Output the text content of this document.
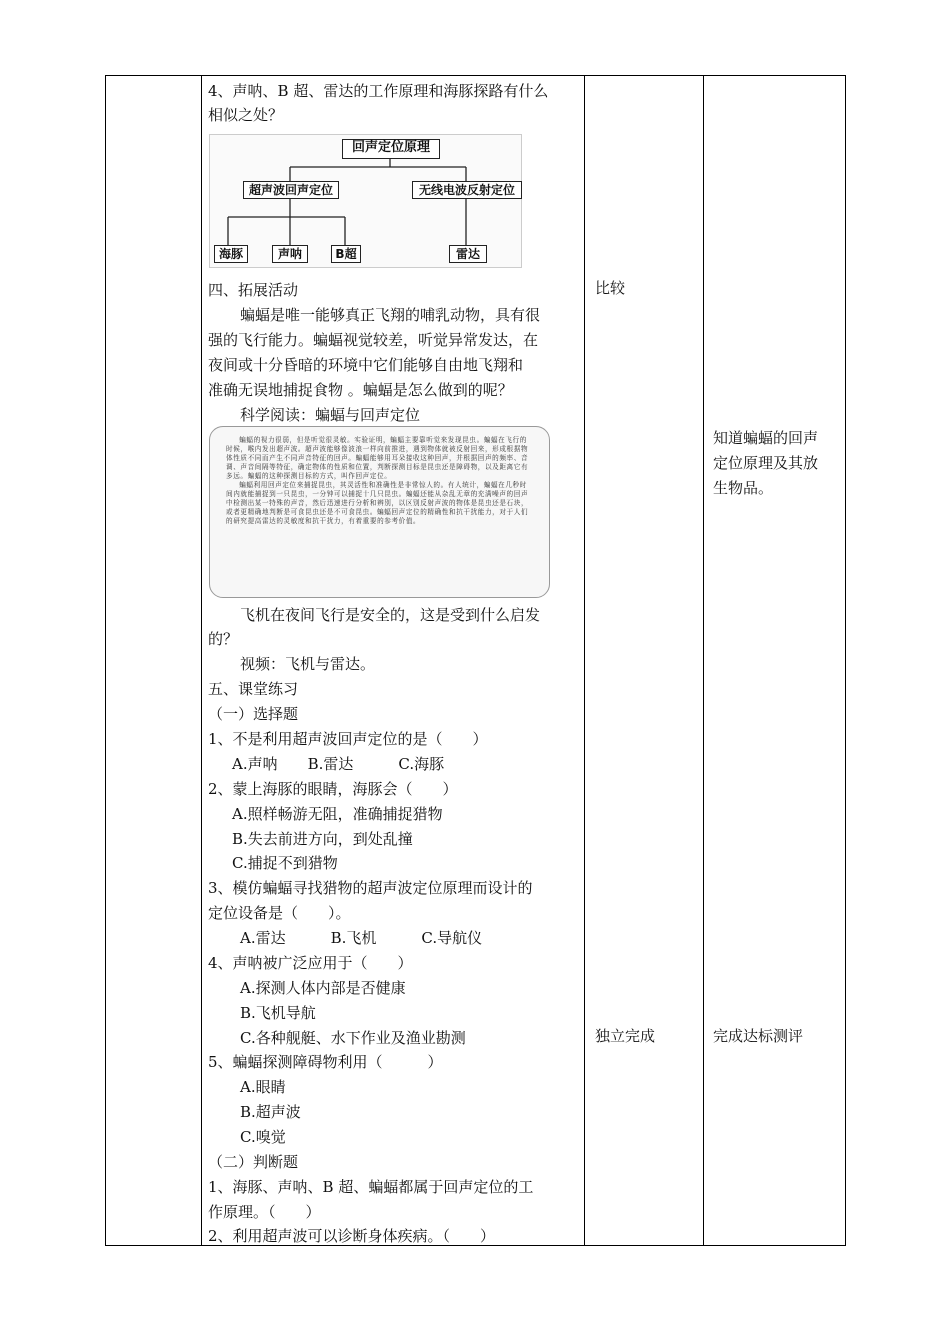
4、声呐、B 超、雷达的工作原理和海豚探路有什么
相似之处？
回声定位原理
超声波回声定位	无线电波反射定位
海豚	声呐	B超	雷达
四、拓展活动
蝙蝠是唯一能够真正飞翔的哺乳动物，具有很
强的飞行能力。蝙蝠视觉较差，听觉异常发达，在
夜间或十分昏暗的环境中它们能够自由地飞翔和
准确无误地捕捉食物 。蝙蝠是怎么做到的呢？
科学阅读：蝙蝠与回声定位

蝙蝠的视力很弱，但是听觉很灵敏。实验证明，蝙蝠主要靠听觉来发现昆虫。蝙蝠在飞行的时候，喉内发出超声波。超声波能够像波浪一样向前推进，遇到物体就被反射回来，形成根据物体性质不同而产生不同声音特征的回声。蝙蝠能够用耳朵接收这种回声，并根据回声的频率、音调、声音间隔等特征，确定物体的性质和位置，判断探测目标是昆虫还是障碍物，以及距离它有多远。蝙蝠的这种探测目标的方式，叫作回声定位。

蝙蝠利用回声定位来捕捉昆虫，其灵活性和准确性是非常惊人的。有人统计，蝙蝠在几秒时间内就能捕捉到一只昆虫，一分钟可以捕捉十几只昆虫。蝙蝠还能从杂乱无章的充满噪声的回声中检测出某一特殊的声音，然后迅速进行分析和辨别，以区别反射声波的物体是昆虫还是石块，或者更精确地判断是可食昆虫还是不可食昆虫。蝙蝠回声定位的精确性和抗干扰能力，对于人们的研究提高雷达的灵敏度和抗干扰力，有着重要的参考价值。

飞机在夜间飞行是安全的，这是受到什么启发
的？
视频：飞机与雷达。
五、课堂练习
（一）选择题
1、不是利用超声波回声定位的是（　　）
A.声呐　　B.雷达　　　C.海豚
2、蒙上海豚的眼睛，海豚会（　　）
A.照样畅游无阻，准确捕捉猎物
B.失去前进方向，到处乱撞
C.捕捉不到猎物
3、模仿蝙蝠寻找猎物的超声波定位原理而设计的
定位设备是（　　）。
A.雷达　　　B.飞机　　　C.导航仪
4、声呐被广泛应用于（　　）
A.探测人体内部是否健康
B.飞机导航
C.各种舰艇、水下作业及渔业勘测
5、蝙蝠探测障碍物利用（　　　）
A.眼睛
B.超声波
C.嗅觉
（二）判断题
1、海豚、声呐、B 超、蝙蝠都属于回声定位的工
作原理。（　　）
2、利用超声波可以诊断身体疾病。（　　）
比较
独立完成
知道蝙蝠的回声
定位原理及其放
生物品。
完成达标测评
